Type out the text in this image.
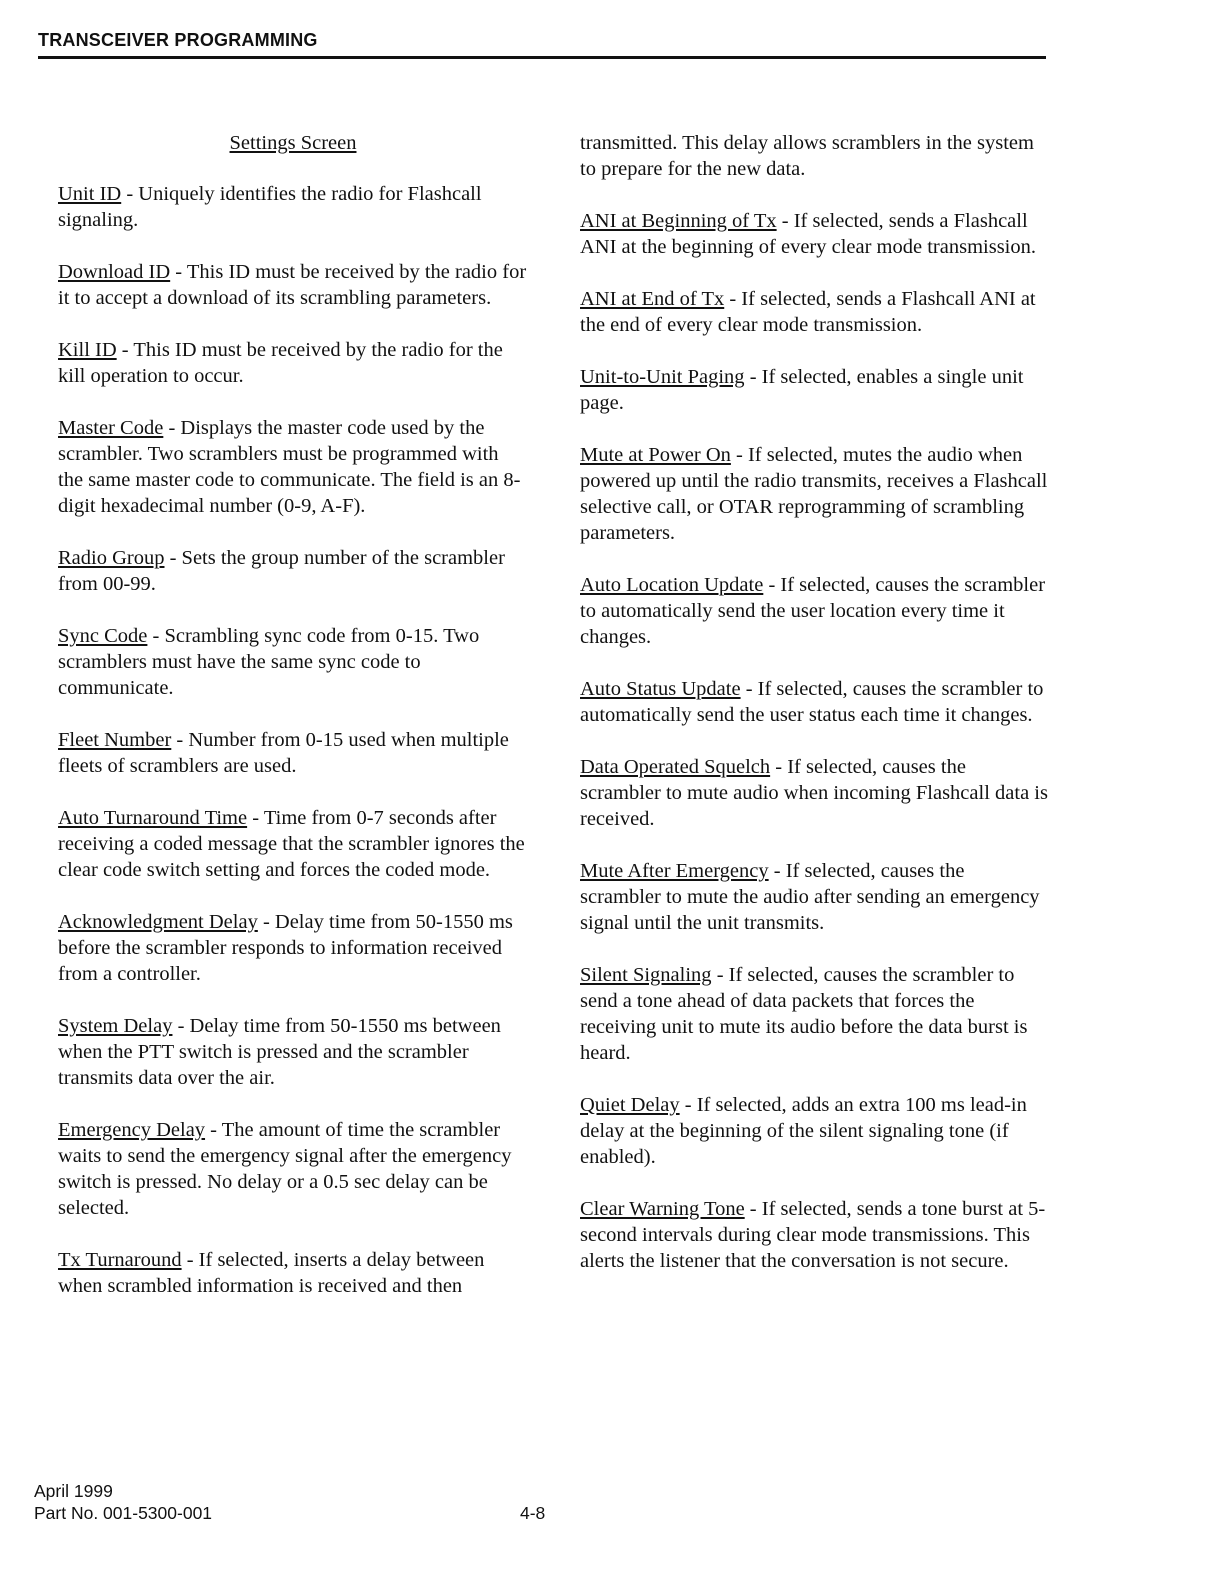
TRANSCEIVER PROGRAMMING
Settings Screen
Unit ID - Uniquely identifies the radio for Flashcall signaling.
Download ID - This ID must be received by the radio for it to accept a download of its scrambling parameters.
Kill ID - This ID must be received by the radio for the kill operation to occur.
Master Code - Displays the master code used by the scrambler. Two scramblers must be programmed with the same master code to communicate. The field is an 8-digit hexadecimal number (0-9, A-F).
Radio Group - Sets the group number of the scrambler from 00-99.
Sync Code - Scrambling sync code from 0-15. Two scramblers must have the same sync code to communicate.
Fleet Number - Number from 0-15 used when multiple fleets of scramblers are used.
Auto Turnaround Time - Time from 0-7 seconds after receiving a coded message that the scrambler ignores the clear code switch setting and forces the coded mode.
Acknowledgment Delay - Delay time from 50-1550 ms before the scrambler responds to information received from a controller.
System Delay - Delay time from 50-1550 ms between when the PTT switch is pressed and the scrambler transmits data over the air.
Emergency Delay - The amount of time the scrambler waits to send the emergency signal after the emergency switch is pressed. No delay or a 0.5 sec delay can be selected.
Tx Turnaround - If selected, inserts a delay between when scrambled information is received and then
transmitted. This delay allows scramblers in the system to prepare for the new data.
ANI at Beginning of Tx - If selected, sends a Flashcall ANI at the beginning of every clear mode transmission.
ANI at End of Tx - If selected, sends a Flashcall ANI at the end of every clear mode transmission.
Unit-to-Unit Paging - If selected, enables a single unit page.
Mute at Power On - If selected, mutes the audio when powered up until the radio transmits, receives a Flashcall selective call, or OTAR reprogramming of scrambling parameters.
Auto Location Update - If selected, causes the scrambler to automatically send the user location every time it changes.
Auto Status Update - If selected, causes the scrambler to automatically send the user status each time it changes.
Data Operated Squelch - If selected, causes the scrambler to mute audio when incoming Flashcall data is received.
Mute After Emergency - If selected, causes the scrambler to mute the audio after sending an emergency signal until the unit transmits.
Silent Signaling - If selected, causes the scrambler to send a tone ahead of data packets that forces the receiving unit to mute its audio before the data burst is heard.
Quiet Delay - If selected, adds an extra 100 ms lead-in delay at the beginning of the silent signaling tone (if enabled).
Clear Warning Tone - If selected, sends a tone burst at 5-second intervals during clear mode transmissions. This alerts the listener that the conversation is not secure.
April 1999
Part No. 001-5300-001	4-8
